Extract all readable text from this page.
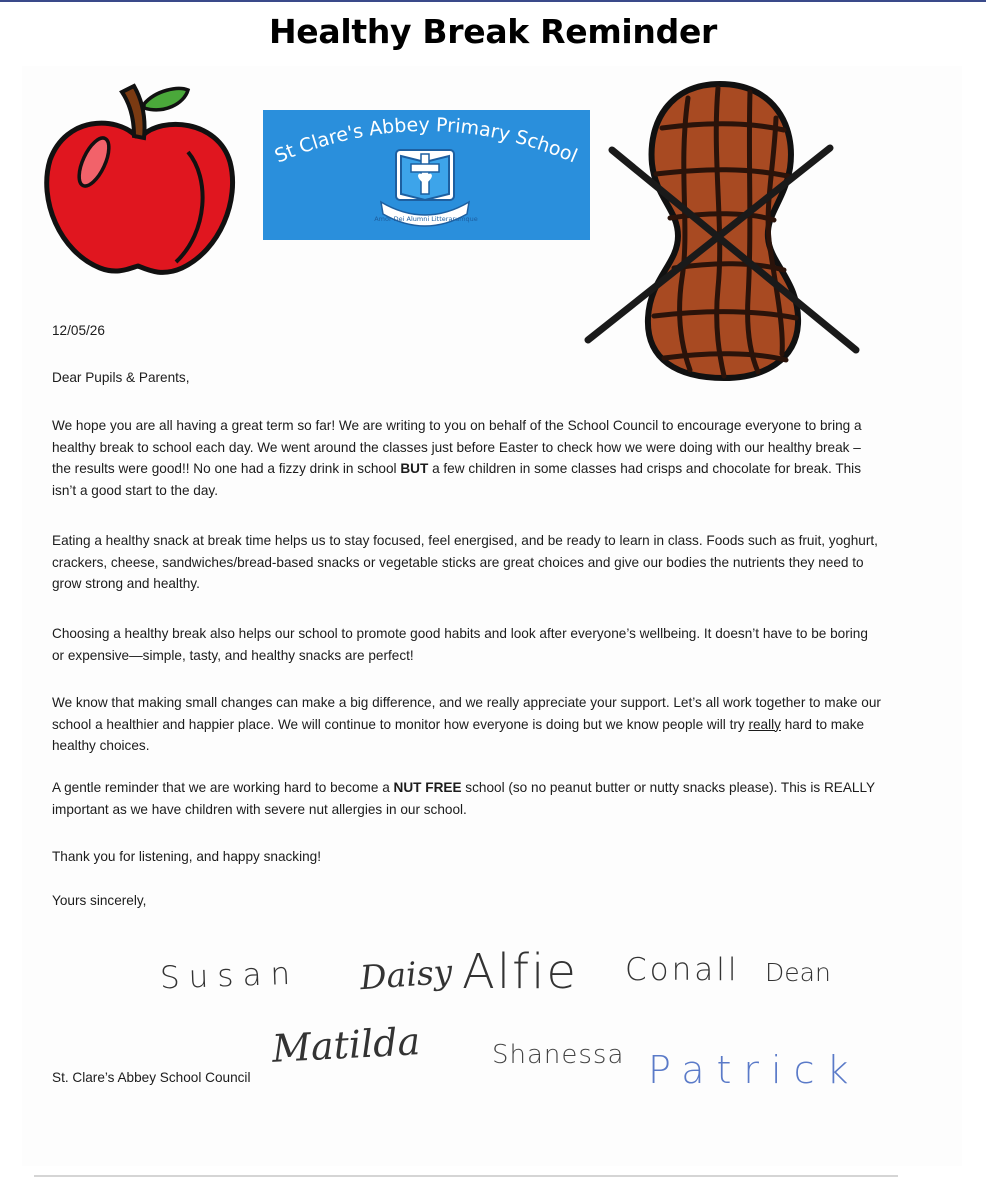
Healthy Break Reminder
St Clare's Abbey Primary School
Amor Dei Alumni Litterarumque
12/05/26
Dear Pupils & Parents,
We hope you are all having a great term so far! We are writing to you on behalf of the School Council to encourage everyone to bring a healthy break to school each day. We went around the classes just before Easter to check how we were doing with our healthy break – the results were good!! No one had a fizzy drink in school BUT a few children in some classes had crisps and chocolate for break. This isn’t a good start to the day.
Eating a healthy snack at break time helps us to stay focused, feel energised, and be ready to learn in class. Foods such as fruit, yoghurt, crackers, cheese, sandwiches/bread-based snacks or vegetable sticks are great choices and give our bodies the nutrients they need to grow strong and healthy.
Choosing a healthy break also helps our school to promote good habits and look after everyone’s wellbeing. It doesn’t have to be boring or expensive—simple, tasty, and healthy snacks are perfect!
We know that making small changes can make a big difference, and we really appreciate your support. Let’s all work together to make our school a healthier and happier place. We will continue to monitor how everyone is doing but we know people will try really hard to make healthy choices.
A gentle reminder that we are working hard to become a NUT FREE school (so no peanut butter or nutty snacks please). This is REALLY important as we have children with severe nut allergies in our school.
Thank you for listening, and happy snacking!
Yours sincerely,
Susan Daisy Alfie Conall Dean
Matilda	Shanessa Patrick
St. Clare’s Abbey School Council
